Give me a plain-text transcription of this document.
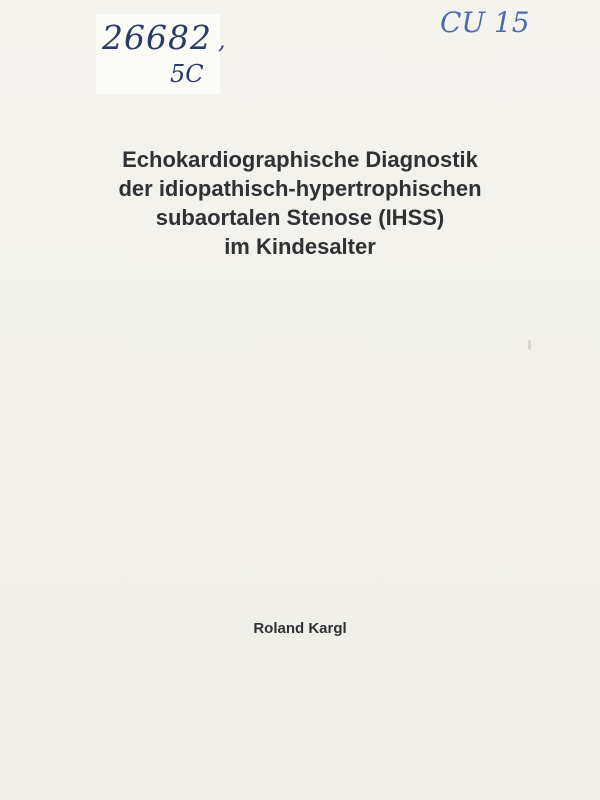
26682 ,
5C
CU 15
Echokardiographische Diagnostik
der idiopathisch-hypertrophischen
subaortalen Stenose (IHSS)
im Kindesalter

Roland Kargl
